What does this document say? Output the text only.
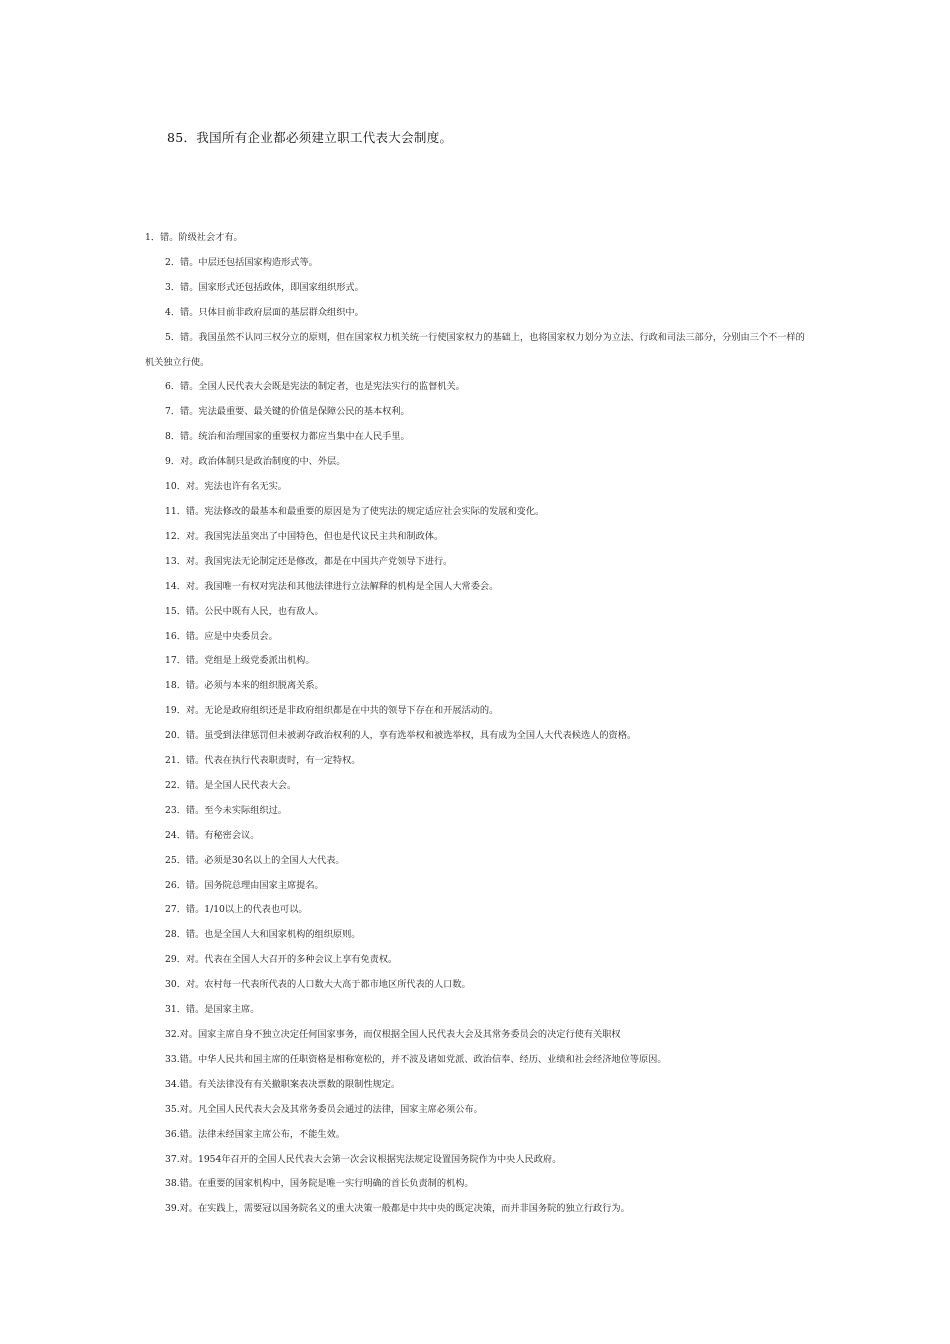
85．我国所有企业都必须建立职工代表大会制度。
1．错。阶级社会才有。
2．错。中层还包括国家构造形式等。
3．错。国家形式还包括政体，即国家组织形式。
4．错。只体目前非政府层面的基层群众组织中。
5．错。我国虽然不认同三权分立的原则，但在国家权力机关统一行使国家权力的基础上，也将国家权力划分为立法、行政和司法三部分，分别由三个不一样的机关独立行使。
6．错。全国人民代表大会既是宪法的制定者，也是宪法实行的监督机关。
7．错。宪法最重要、最关键的价值是保障公民的基本权利。
8．错。统治和治理国家的重要权力都应当集中在人民手里。
9．对。政治体制只是政治制度的中、外层。
10．对。宪法也许有名无实。
11．错。宪法修改的最基本和最重要的原因是为了使宪法的规定适应社会实际的发展和变化。
12．对。我国宪法虽突出了中国特色，但也是代议民主共和制政体。
13．对。我国宪法无论制定还是修改，都是在中国共产党领导下进行。
14．对。我国唯一有权对宪法和其他法律进行立法解释的机构是全国人大常委会。
15．错。公民中既有人民，也有敌人。
16．错。应是中央委员会。
17．错。党组是上级党委派出机构。
18．错。必须与本来的组织脱离关系。
19．对。无论是政府组织还是非政府组织都是在中共的领导下存在和开展活动的。
20．错。虽受到法律惩罚但未被剥夺政治权利的人，享有选举权和被选举权，具有成为全国人大代表候选人的资格。
21．错。代表在执行代表职责时，有一定特权。
22．错。是全国人民代表大会。
23．错。至今未实际组织过。
24．错。有秘密会议。
25．错。必须是30名以上的全国人大代表。
26．错。国务院总理由国家主席提名。
27．错。1/10以上的代表也可以。
28．错。也是全国人大和国家机构的组织原则。
29．对。代表在全国人大召开的多种会议上享有免责权。
30．对。农村每一代表所代表的人口数大大高于都市地区所代表的人口数。
31．错。是国家主席。
32.对。国家主席自身不独立决定任何国家事务，而仅根据全国人民代表大会及其常务委员会的决定行使有关职权
33.错。中华人民共和国主席的任职资格是相称宽松的，并不波及诸如党派、政治信奉、经历、业绩和社会经济地位等原因。
34.错。有关法律没有有关撤职案表决票数的限制性规定。
35.对。凡全国人民代表大会及其常务委员会通过的法律，国家主席必须公布。
36.错。法律未经国家主席公布，不能生效。
37.对。1954年召开的全国人民代表大会第一次会议根据宪法规定设置国务院作为中央人民政府。
38.错。在重要的国家机构中，国务院是唯一实行明确的首长负责制的机构。
39.对。在实践上，需要冠以国务院名义的重大决策一般都是中共中央的既定决策，而并非国务院的独立行政行为。
